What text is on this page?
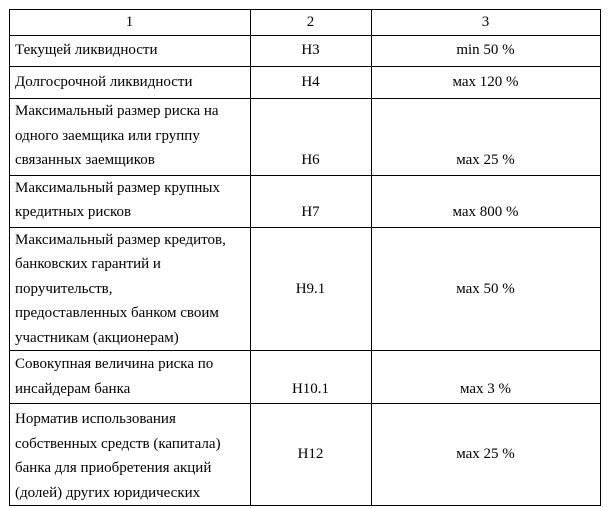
1	2	3
Текущей ликвидности	Н3	min 50 %
Долгосрочной ликвидности	Н4	мах 120 %
Максимальный размер риска на
одного заемщика или группу
связанных заемщиков	Н6	мах 25 %
Максимальный размер крупных
кредитных рисков	Н7	мах 800 %
Максимальный размер кредитов,
банковских гарантий и
поручительств,
предоставленных банком своим
участникам (акционерам)	Н9.1	мах 50 %
Совокупная величина риска по
инсайдерам банка	Н10.1	мах 3 %
Норматив использования
собственных средств (капитала)
банка для приобретения акций
(долей) других юридических	Н12	мах 25 %
